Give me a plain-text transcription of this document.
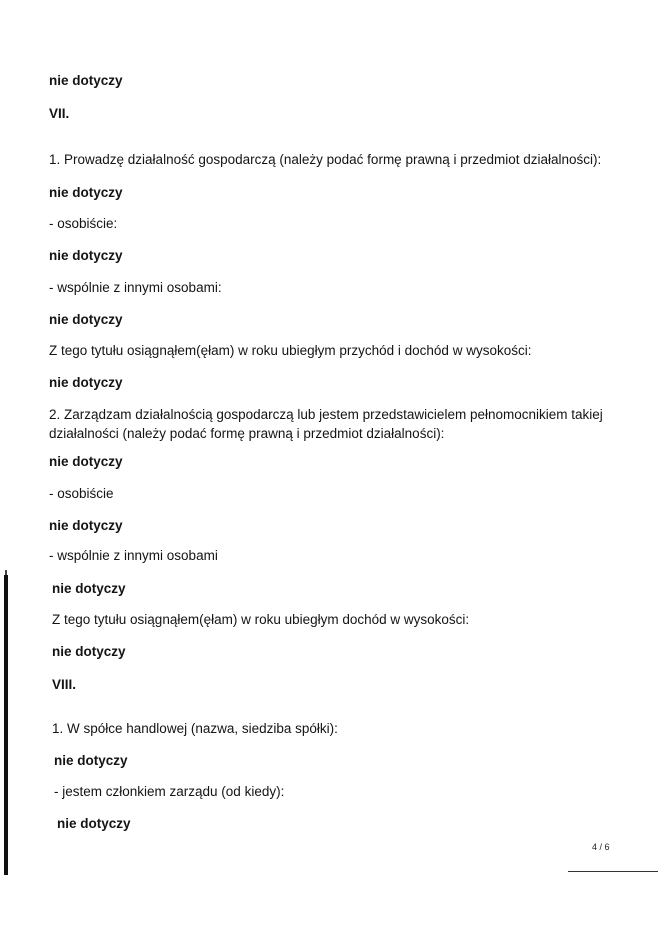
nie dotyczy
VII.
1. Prowadzę działalność gospodarczą (należy podać formę prawną i przedmiot działalności):
nie dotyczy
- osobiście:
nie dotyczy
- wspólnie z innymi osobami:
nie dotyczy
Z tego tytułu osiągnąłem(ęłam) w roku ubiegłym przychód i dochód w wysokości:
nie dotyczy
2. Zarządzam działalnością gospodarczą lub jestem przedstawicielem pełnomocnikiem takiej działalności (należy podać formę prawną i przedmiot działalności):
nie dotyczy
- osobiście
nie dotyczy
- wspólnie z innymi osobami
nie dotyczy
Z tego tytułu osiągnąłem(ęłam) w roku ubiegłym dochód w wysokości:
nie dotyczy
VIII.
1. W spółce handlowej (nazwa, siedziba spółki):
nie dotyczy
- jestem członkiem zarządu (od kiedy):
nie dotyczy
4 / 6
